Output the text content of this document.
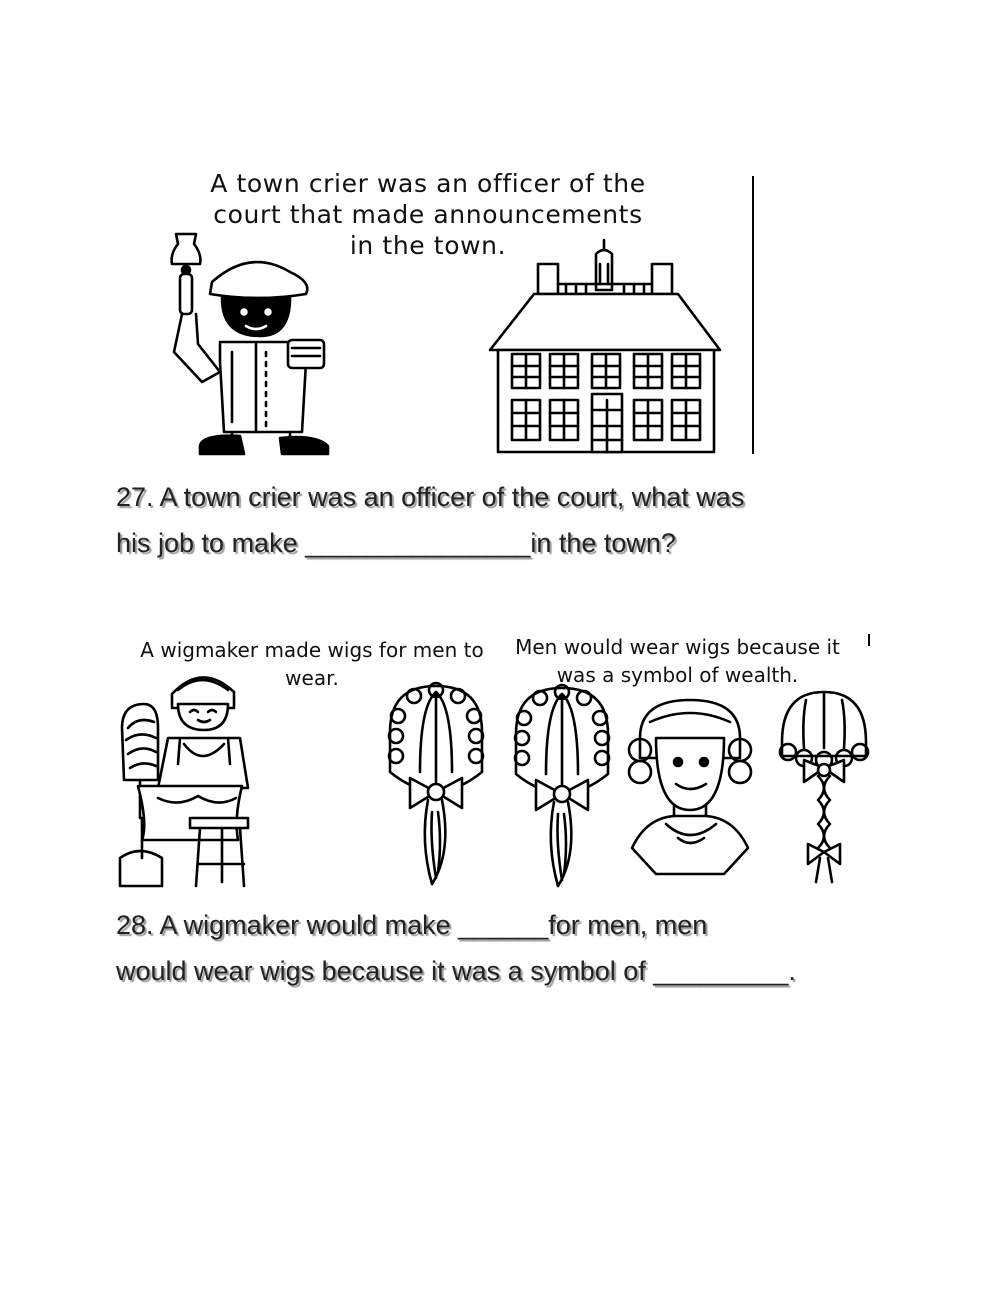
A town crier was an officer of the
court that made announcements
in the town.
27. A town crier was an officer of the court, what was
his job to make _______________in the town?
A wigmaker made wigs for men to
wear.
Men would wear wigs because it
was a symbol of wealth.
28. A wigmaker would make ______for men, men
would wear wigs because it was a symbol of _________.
